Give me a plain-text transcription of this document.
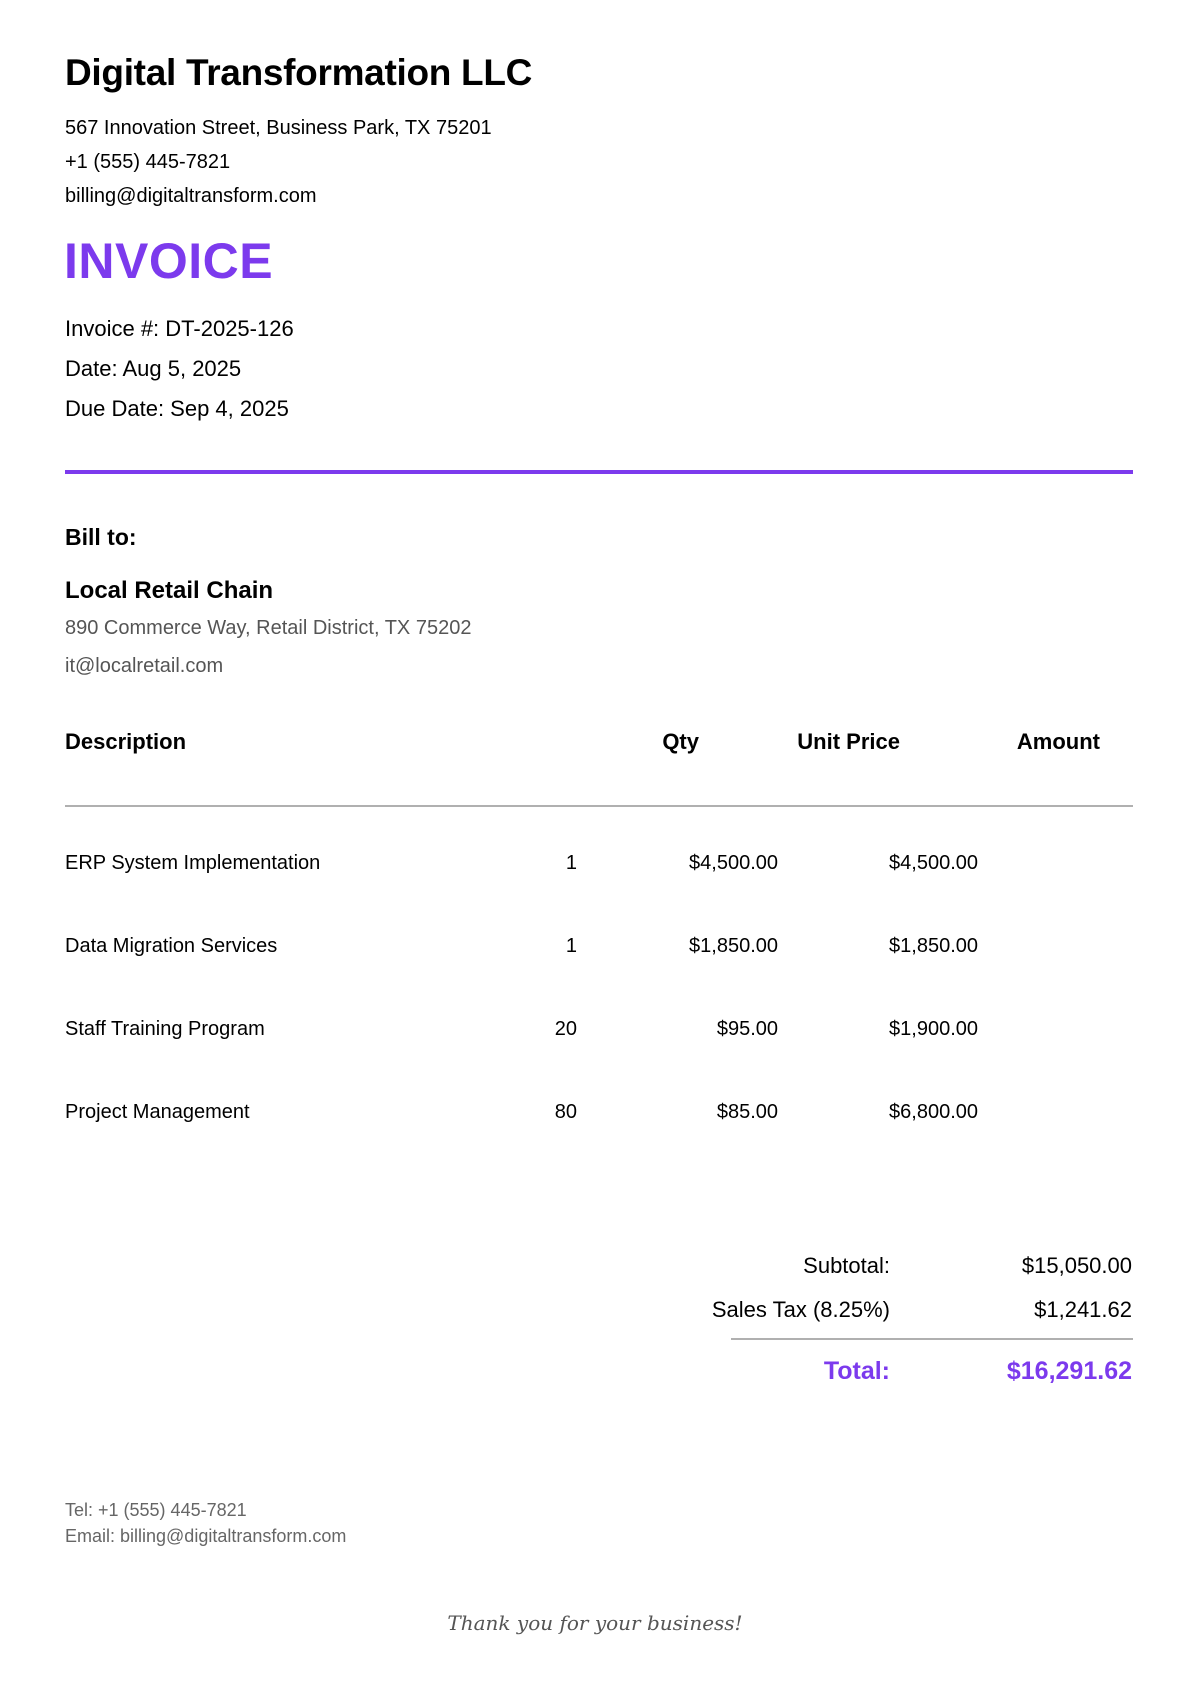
Digital Transformation LLC
567 Innovation Street, Business Park, TX 75201
+1 (555) 445-7821
billing@digitaltransform.com
INVOICE
Invoice #: DT-2025-126
Date: Aug 5, 2025
Due Date: Sep 4, 2025
Bill to:
Local Retail Chain
890 Commerce Way, Retail District, TX 75202
it@localretail.com
Description	Qty	Unit Price	Amount
ERP System Implementation	1	$4,500.00	$4,500.00
Data Migration Services	1	$1,850.00	$1,850.00
Staff Training Program	20	$95.00	$1,900.00
Project Management	80	$85.00	$6,800.00
Subtotal:	$15,050.00
Sales Tax (8.25%)	$1,241.62
Total:	$16,291.62
Tel: +1 (555) 445-7821
Email: billing@digitaltransform.com
Thank you for your business!
